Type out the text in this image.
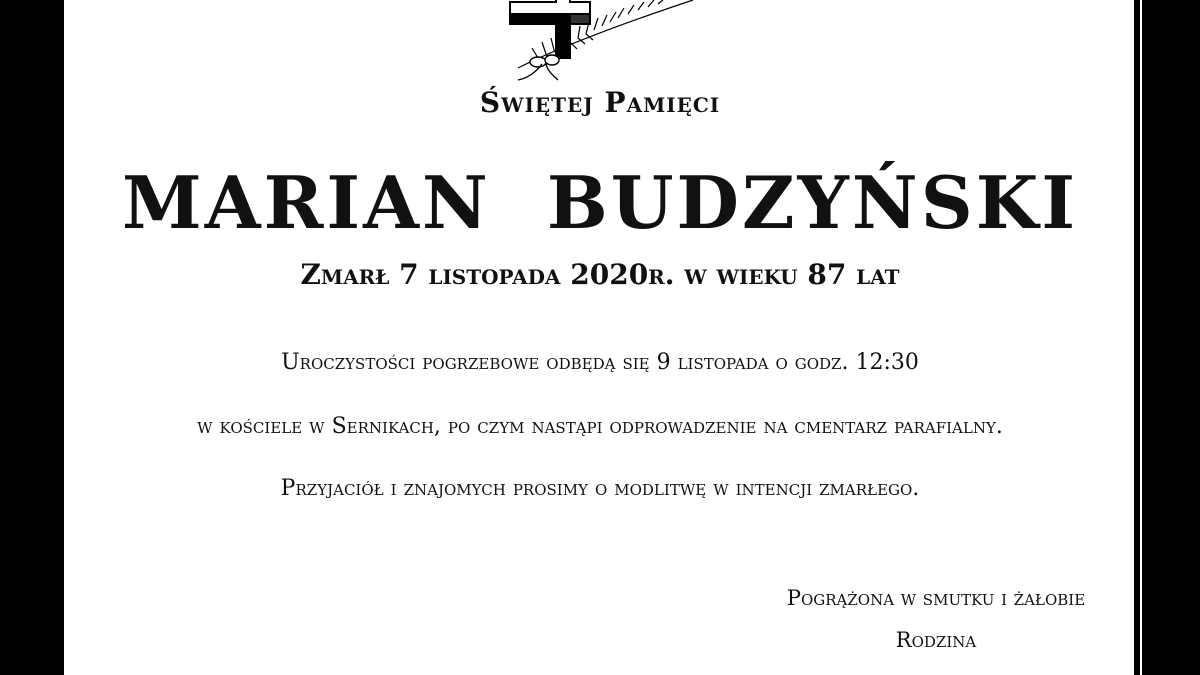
Świętej Pamięci
MARIAN  BUDZYŃSKI
Zmarł 7 listopada 2020r. w wieku 87 lat
Uroczystości pogrzebowe odbędą się 9 listopada o godz. 12:30
w kościele w Sernikach, po czym nastąpi odprowadzenie na cmentarz parafialny.
Przyjaciół i znajomych prosimy o modlitwę w intencji zmarłego.
Pogrążona w smutku i żałobie
Rodzina
